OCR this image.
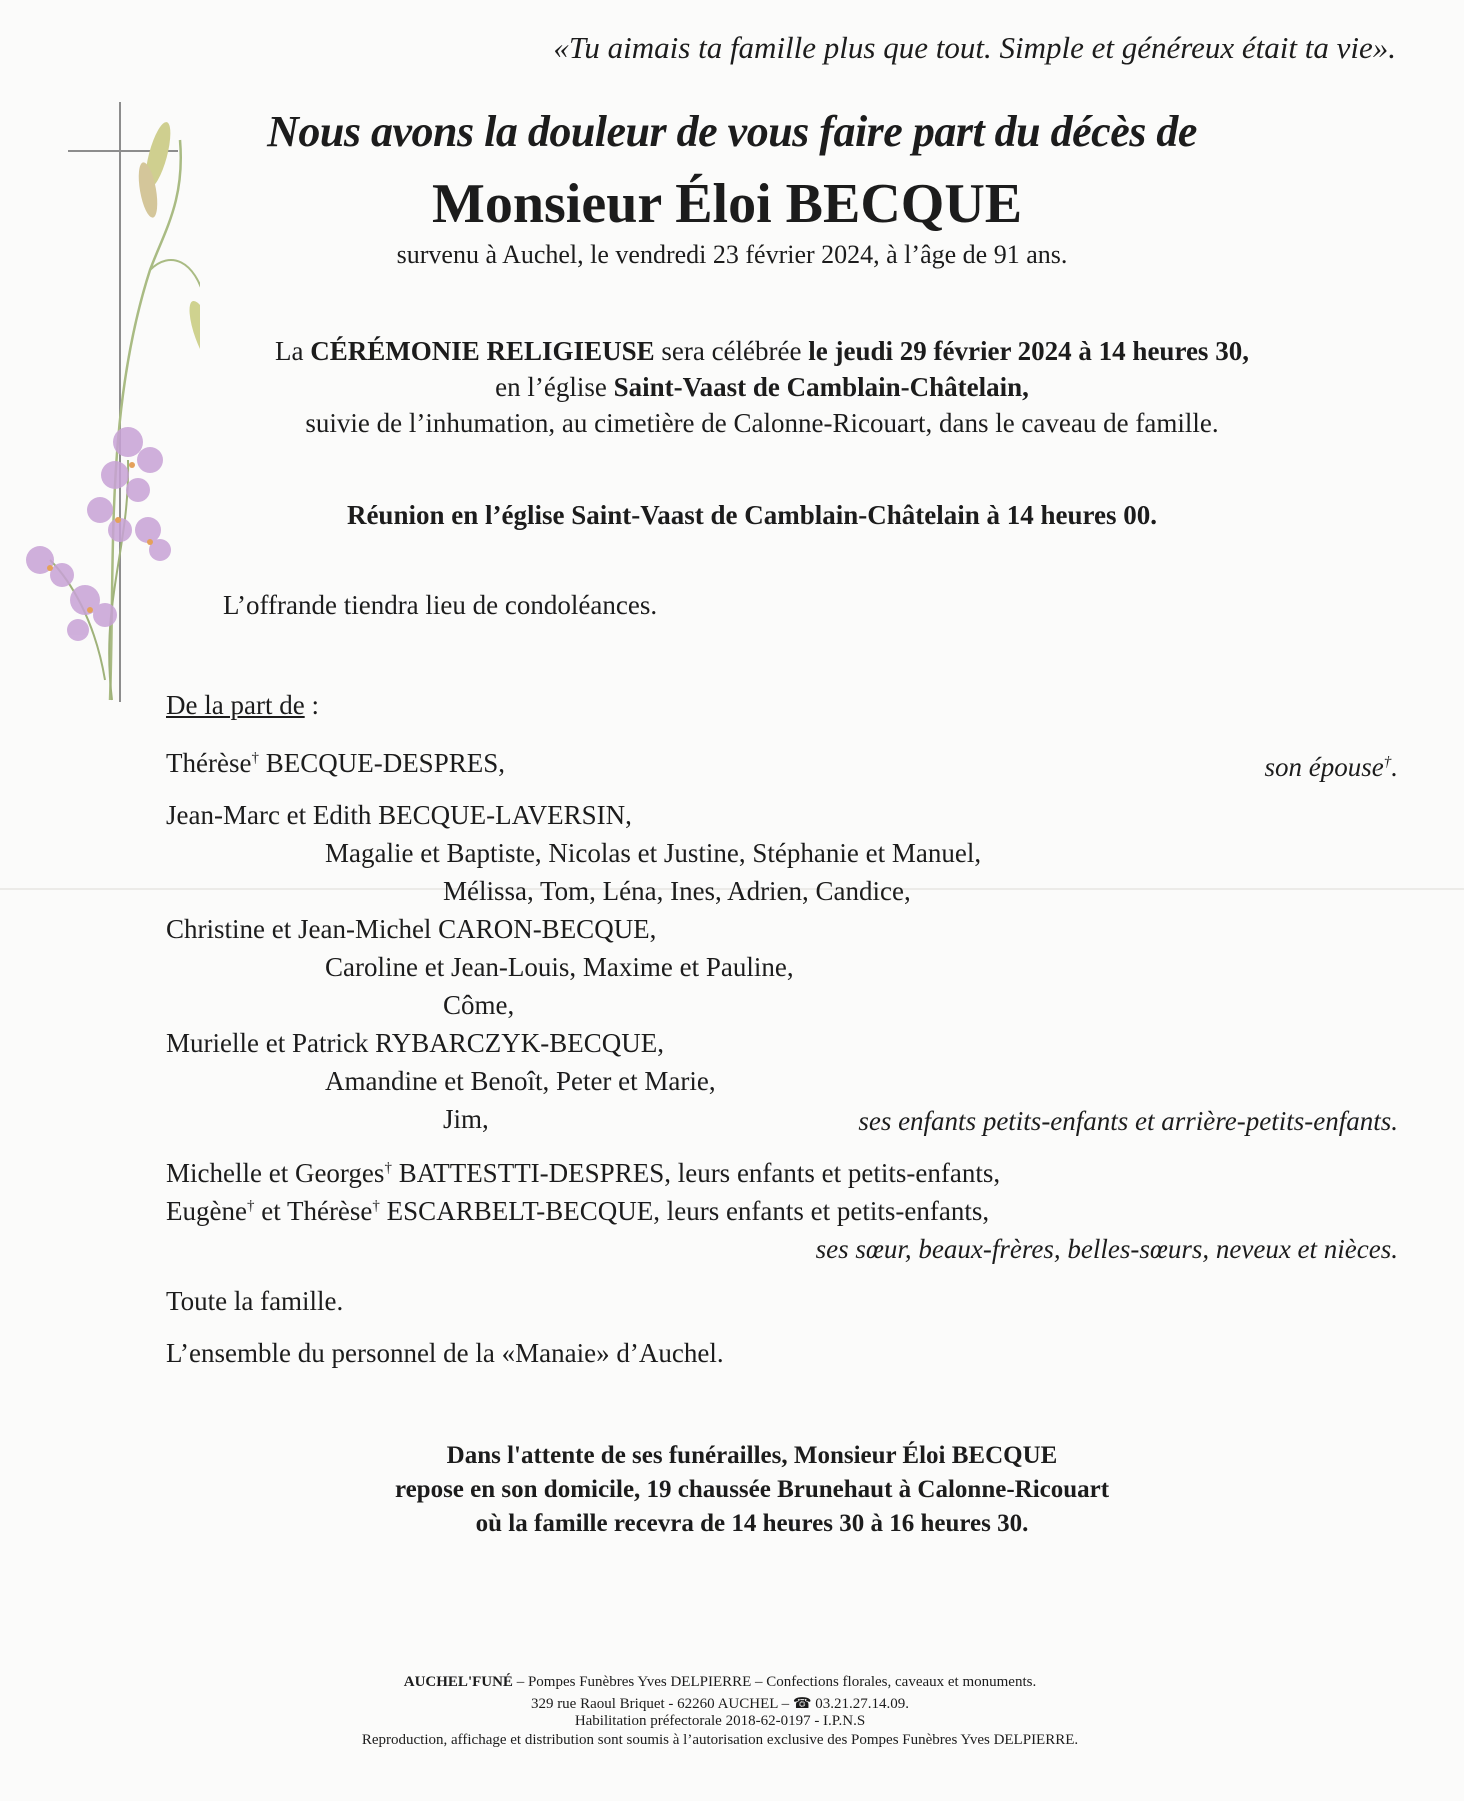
«Tu aimais ta famille plus que tout. Simple et généreux était ta vie».
Nous avons la douleur de vous faire part du décès de
Monsieur Éloi BECQUE
survenu à Auchel, le vendredi 23 février 2024, à l’âge de 91 ans.
La CÉRÉMONIE RELIGIEUSE sera célébrée le jeudi 29 février 2024 à 14 heures 30,
en l’église Saint-Vaast de Camblain-Châtelain,
suivie de l’inhumation, au cimetière de Calonne-Ricouart, dans le caveau de famille.
Réunion en l’église Saint-Vaast de Camblain-Châtelain à 14 heures 00.
L’offrande tiendra lieu de condoléances.
De la part de :
Thérèse† BECQUE-DESPRES,	son épouse†.
Jean-Marc et Edith BECQUE-LAVERSIN,
Magalie et Baptiste, Nicolas et Justine, Stéphanie et Manuel,
Mélissa, Tom, Léna, Ines, Adrien, Candice,
Christine et Jean-Michel CARON-BECQUE,
Caroline et Jean-Louis, Maxime et Pauline,
Côme,
Murielle et Patrick RYBARCZYK-BECQUE,
Amandine et Benoît, Peter et Marie,
Jim,	ses enfants petits-enfants et arrière-petits-enfants.
Michelle et Georges† BATTESTTI-DESPRES, leurs enfants et petits-enfants,
Eugène† et Thérèse† ESCARBELT-BECQUE, leurs enfants et petits-enfants,
ses sœur, beaux-frères, belles-sœurs, neveux et nièces.
Toute la famille.
L’ensemble du personnel de la «Manaie» d’Auchel.
Dans l'attente de ses funérailles, Monsieur Éloi BECQUE
repose en son domicile, 19 chaussée Brunehaut à Calonne-Ricouart
où la famille recevra de 14 heures 30 à 16 heures 30.
AUCHEL'FUNÉ – Pompes Funèbres Yves DELPIERRE – Confections florales, caveaux et monuments.
329 rue Raoul Briquet - 62260 AUCHEL – ☎ 03.21.27.14.09.
Habilitation préfectorale 2018-62-0197 - I.P.N.S
Reproduction, affichage et distribution sont soumis à l’autorisation exclusive des Pompes Funèbres Yves DELPIERRE.
